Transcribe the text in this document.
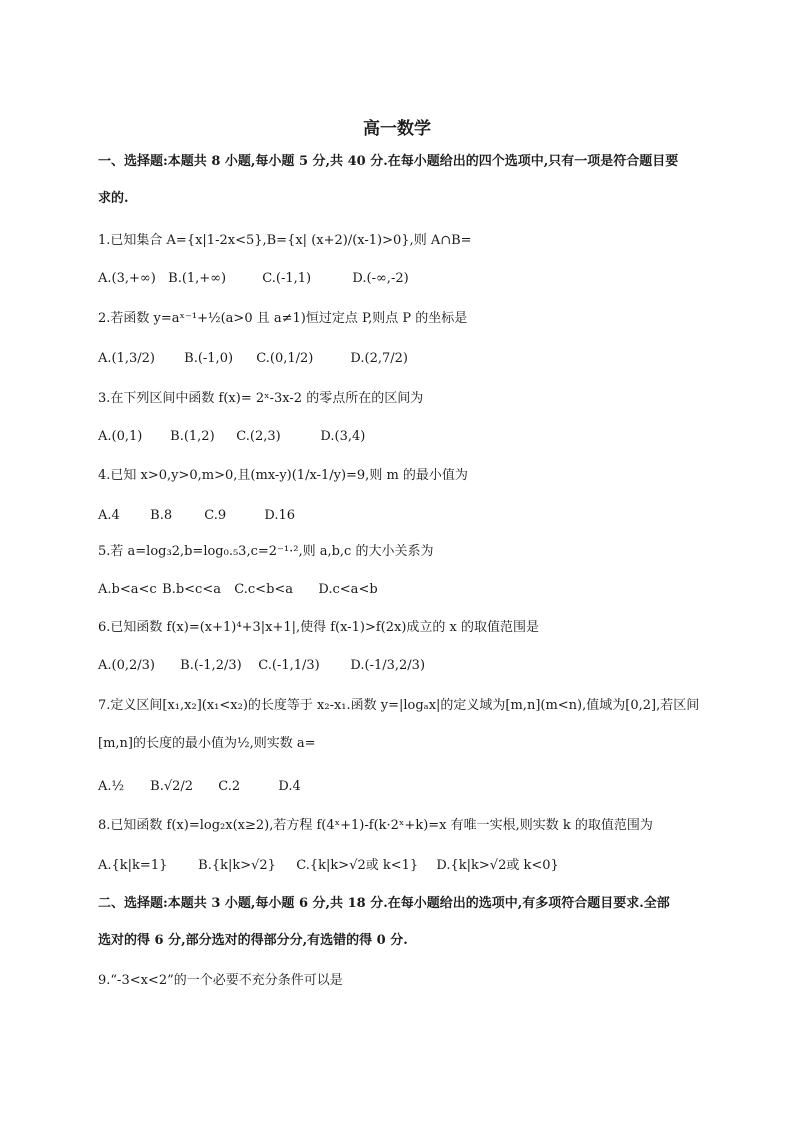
高一数学
一、选择题:本题共 8 小题,每小题 5 分,共 40 分.在每小题给出的四个选项中,只有一项是符合题目要
求的.
1.已知集合 A={x|1-2x<5},B={x| (x+2)/(x-1)>0},则 A∩B=
A.(3,+∞) B.(1,+∞)	C.(-1,1)	D.(-∞,-2)
2.若函数 y=aˣ⁻¹+½(a>0 且 a≠1)恒过定点 P,则点 P 的坐标是
A.(1,3/2) B.(-1,0) C.(0,1/2)	D.(2,7/2)
3.在下列区间中函数 f(x)= 2ˣ-3x-2 的零点所在的区间为
A.(0,1) B.(1,2) C.(2,3)	D.(3,4)
4.已知 x>0,y>0,m>0,且(mx-y)(1/x-1/y)=9,则 m 的最小值为
A.4 B.8 C.9	D.16
5.若 a=log₃2,b=log₀.₅3,c=2⁻¹·²,则 a,b,c 的大小关系为
A.b<a<c B.b<c<a C.c<b<a D.c<a<b
6.已知函数 f(x)=(x+1)⁴+3|x+1|,使得 f(x-1)>f(2x)成立的 x 的取值范围是
A.(0,2/3) B.(-1,2/3) C.(-1,1/3) D.(-1/3,2/3)
7.定义区间[x₁,x₂](x₁<x₂)的长度等于 x₂-x₁.函数 y=|logₐx|的定义域为[m,n](m<n),值域为[0,2],若区间
[m,n]的长度的最小值为½,则实数 a=
A.½ B.√2/2 C.2	D.4
8.已知函数 f(x)=log₂x(x≥2),若方程 f(4ˣ+1)-f(k·2ˣ+k)=x 有唯一实根,则实数 k 的取值范围为
A.{k|k=1} B.{k|k>√2} C.{k|k>√2或 k<1} D.{k|k>√2或 k<0}
二、选择题:本题共 3 小题,每小题 6 分,共 18 分.在每小题给出的选项中,有多项符合题目要求.全部
选对的得 6 分,部分选对的得部分分,有选错的得 0 分.
9.“-3<x<2”的一个必要不充分条件可以是
